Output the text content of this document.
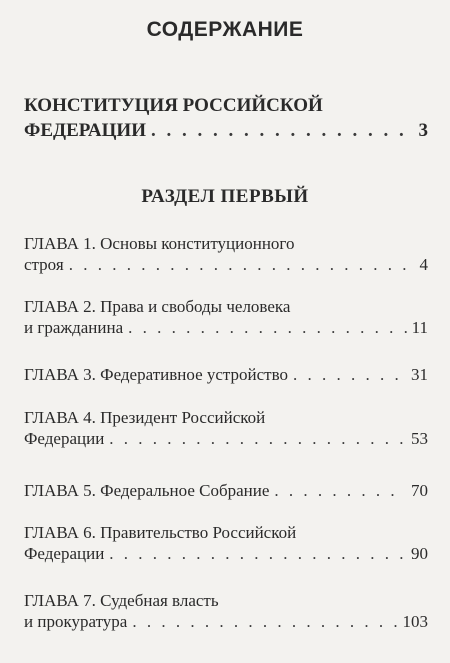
СОДЕРЖАНИЕ
КОНСТИТУЦИЯ РОССИЙСКОЙ
ФЕДЕРАЦИИ . . .	3
РАЗДЕЛ ПЕРВЫЙ
ГЛАВА 1. Основы конституционного
строя . . .	4
ГЛАВА 2. Права и свободы человека
и гражданина . . .	11
ГЛАВА 3. Федеративное устройство . . .	31
ГЛАВА 4. Президент Российской
Федерации . . .	53
ГЛАВА 5. Федеральное Собрание . . .	70
ГЛАВА 6. Правительство Российской
Федерации . . .	90
ГЛАВА 7. Судебная власть
и прокуратура . . .	103
